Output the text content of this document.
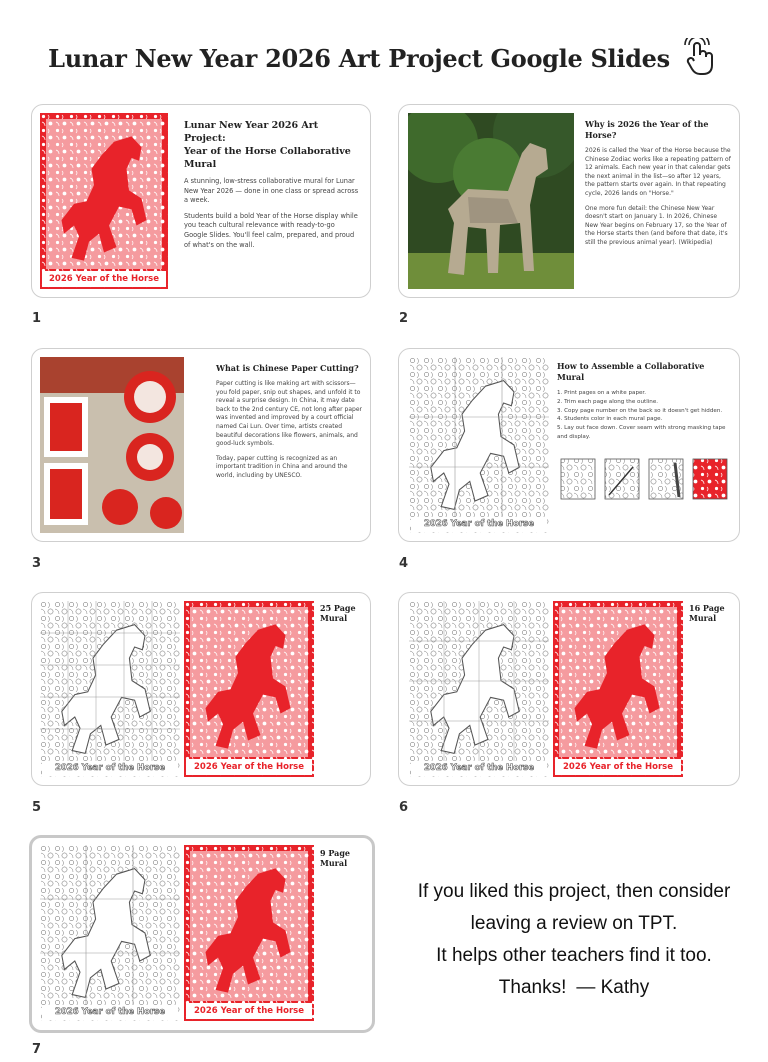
Lunar New Year 2026 Art Project Google Slides
2026 Year of the Horse
Lunar New Year 2026 Art Project:
Year of the Horse Collaborative Mural
A stunning, low-stress collaborative mural for Lunar New Year 2026 — done in one class or spread across a week.
Students build a bold Year of the Horse display while you teach cultural relevance with ready-to-go Google Slides. You'll feel calm, prepared, and proud of what's on the wall.
1
Why is 2026 the Year of the Horse?
2026 is called the Year of the Horse because the Chinese Zodiac works like a repeating pattern of 12 animals. Each new year in that calendar gets the next animal in the list—so after 12 years, the pattern starts over again. In that repeating cycle, 2026 lands on "Horse."
One more fun detail: the Chinese New Year doesn't start on January 1. In 2026, Chinese New Year begins on February 17, so the Year of the Horse starts then (and before that date, it's still the previous animal year). (Wikipedia)
2
What is Chinese Paper Cutting?
Paper cutting is like making art with scissors—you fold paper, snip out shapes, and unfold it to reveal a surprise design. In China, it may date back to the 2nd century CE, not long after paper was invented and improved by a court official named Cai Lun. Over time, artists created beautiful decorations like flowers, animals, and good-luck symbols.
Today, paper cutting is recognized as an important tradition in China and around the world, including by UNESCO.
3
2026 Year of the Horse
How to Assemble a Collaborative Mural
1. Print pages on a white paper.
2. Trim each page along the outline.
3. Copy page number on the back so it doesn't get hidden.
4. Students color in each mural page.
5. Lay out face down. Cover seam with strong masking tape and display.
4
2026 Year of the Horse	2026 Year of the Horse
25 Page
Mural
5
2026 Year of the Horse	2026 Year of the Horse
16 Page
Mural
6
2026 Year of the Horse	2026 Year of the Horse
9 Page
Mural
7
If you liked this project, then consider
leaving a review on TPT.
It helps other teachers find it too.
Thanks! — Kathy
